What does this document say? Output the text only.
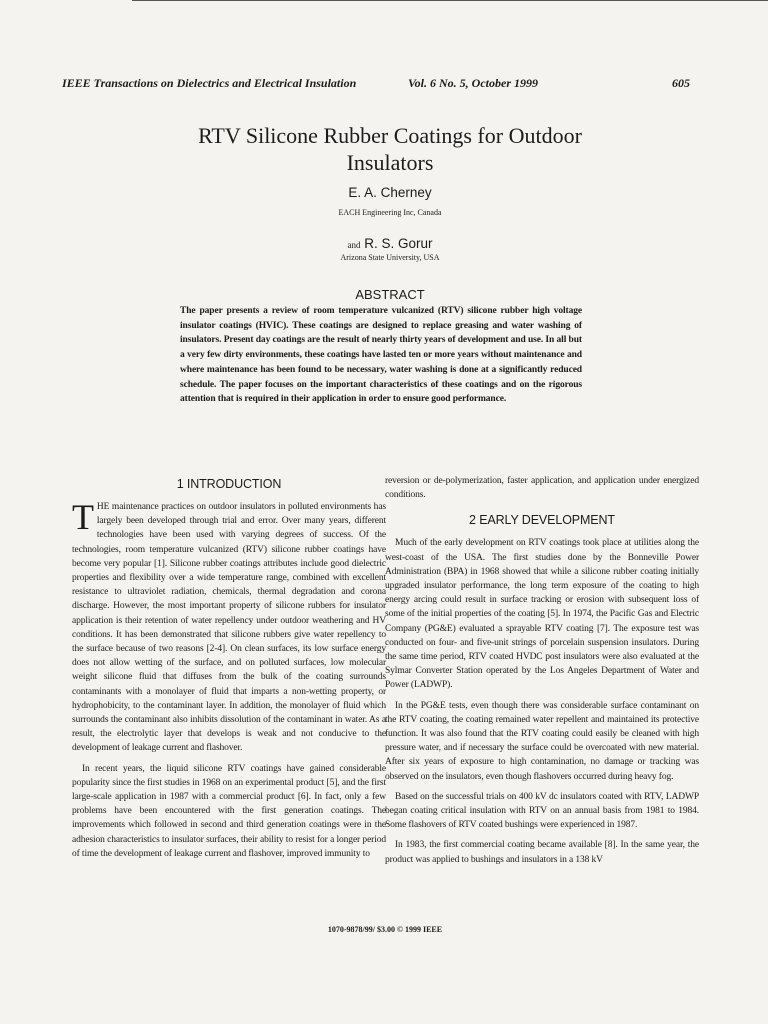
IEEE Transactions on Dielectrics and Electrical Insulation	Vol. 6 No. 5, October 1999	605
RTV Silicone Rubber Coatings for Outdoor
Insulators
E. A. Cherney
EACH Engineering Inc, Canada
and R. S. Gorur
Arizona State University, USA
ABSTRACT

The paper presents a review of room temperature vulcanized (RTV) silicone rubber high voltage insulator coatings (HVIC). These coatings are designed to replace greasing and water washing of insulators. Present day coatings are the result of nearly thirty years of development and use. In all but a very few dirty environments, these coatings have lasted ten or more years without maintenance and where maintenance has been found to be necessary, water washing is done at a significantly reduced schedule. The paper focuses on the important characteristics of these coatings and on the rigorous attention that is required in their application in order to ensure good performance.

1 INTRODUCTION

THE maintenance practices on outdoor insulators in polluted environments has largely been developed through trial and error. Over many years, different technologies have been used with varying degrees of success. Of the technologies, room temperature vulcanized (RTV) silicone rubber coatings have become very popular [1]. Silicone rubber coatings attributes include good dielectric properties and flexibility over a wide temperature range, combined with excellent resistance to ultraviolet radiation, chemicals, thermal degradation and corona discharge. However, the most important property of silicone rubbers for insulator application is their retention of water repellency under outdoor weathering and HV conditions. It has been demonstrated that silicone rubbers give water repellency to the surface because of two reasons [2-4]. On clean surfaces, its low surface energy does not allow wetting of the surface, and on polluted surfaces, low molecular weight silicone fluid that diffuses from the bulk of the coating surrounds contaminants with a monolayer of fluid that imparts a non-wetting property, or hydrophobicity, to the contaminant layer. In addition, the monolayer of fluid which surrounds the contaminant also inhibits dissolution of the contaminant in water. As a result, the electrolytic layer that develops is weak and not conducive to the development of leakage current and flashover.

In recent years, the liquid silicone RTV coatings have gained considerable popularity since the first studies in 1968 on an experimental product [5], and the first large-scale application in 1987 with a commercial product [6]. In fact, only a few problems have been encountered with the first generation coatings. The improvements which followed in second and third generation coatings were in the adhesion characteristics to insulator surfaces, their ability to resist for a longer period of time the development of leakage current and flashover, improved immunity to

reversion or de-polymerization, faster application, and application under energized conditions.

2 EARLY DEVELOPMENT

Much of the early development on RTV coatings took place at utilities along the west-coast of the USA. The first studies done by the Bonneville Power Administration (BPA) in 1968 showed that while a silicone rubber coating initially upgraded insulator performance, the long term exposure of the coating to high energy arcing could result in surface tracking or erosion with subsequent loss of some of the initial properties of the coating [5]. In 1974, the Pacific Gas and Electric Company (PG&E) evaluated a sprayable RTV coating [7]. The exposure test was conducted on four- and five-unit strings of porcelain suspension insulators. During the same time period, RTV coated HVDC post insulators were also evaluated at the Sylmar Converter Station operated by the Los Angeles Department of Water and Power (LADWP).

In the PG&E tests, even though there was considerable surface contaminant on the RTV coating, the coating remained water repellent and maintained its protective function. It was also found that the RTV coating could easily be cleaned with high pressure water, and if necessary the surface could be overcoated with new material. After six years of exposure to high contamination, no damage or tracking was observed on the insulators, even though flashovers occurred during heavy fog.

Based on the successful trials on 400 kV dc insulators coated with RTV, LADWP began coating critical insulation with RTV on an annual basis from 1981 to 1984. Some flashovers of RTV coated bushings were experienced in 1987.

In 1983, the first commercial coating became available [8]. In the same year, the product was applied to bushings and insulators in a 138 kV

1070-9878/99/ $3.00 © 1999 IEEE
